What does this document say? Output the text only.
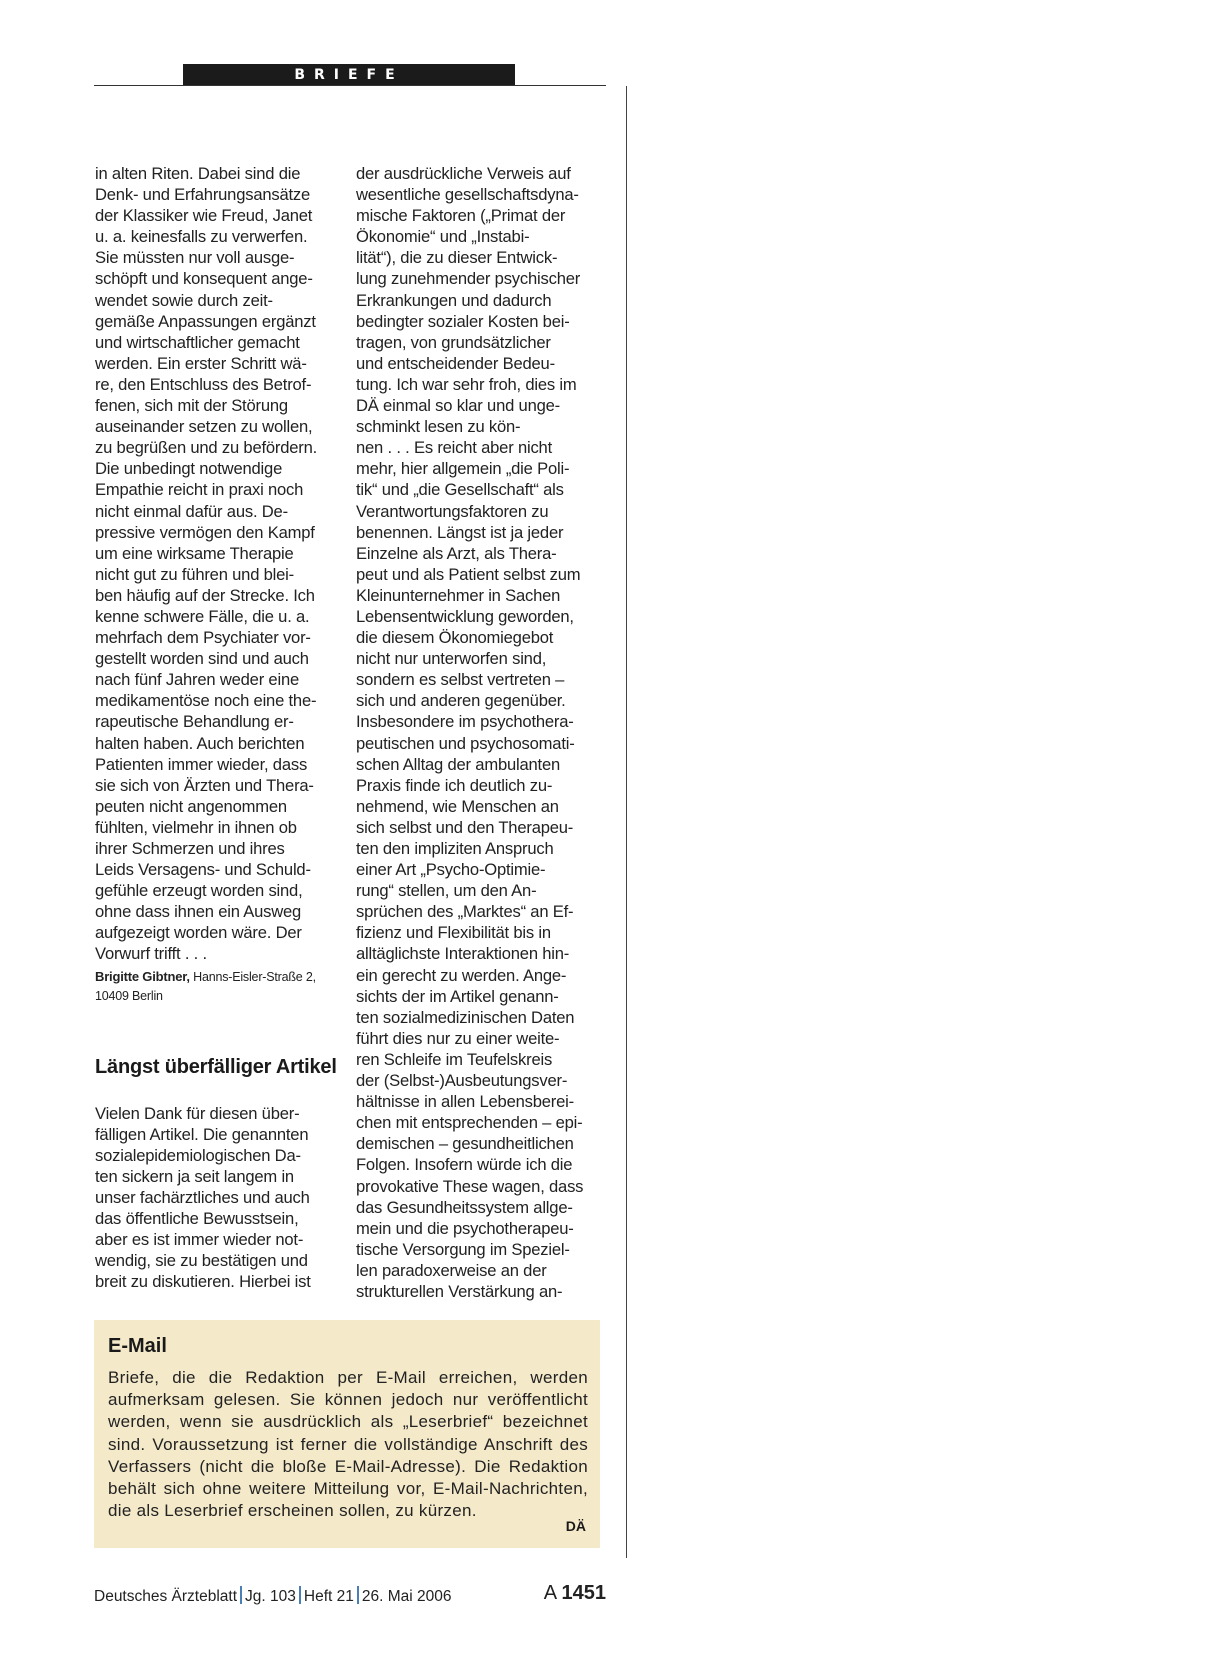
BRIEFE

in alten Riten. Dabei sind die

Denk- und Erfahrungsansätze

der Klassiker wie Freud, Janet

u. a. keinesfalls zu verwerfen.

Sie müssten nur voll ausge-

schöpft und konsequent ange-

wendet sowie durch zeit-

gemäße Anpassungen ergänzt

und wirtschaftlicher gemacht

werden. Ein erster Schritt wä-

re, den Entschluss des Betrof-

fenen, sich mit der Störung

auseinander setzen zu wollen,

zu begrüßen und zu befördern.

Die unbedingt notwendige

Empathie reicht in praxi noch

nicht einmal dafür aus. De-

pressive vermögen den Kampf

um eine wirksame Therapie

nicht gut zu führen und blei-

ben häufig auf der Strecke. Ich

kenne schwere Fälle, die u. a.

mehrfach dem Psychiater vor-

gestellt worden sind und auch

nach fünf Jahren weder eine

medikamentöse noch eine the-

rapeutische Behandlung er-

halten haben. Auch berichten

Patienten immer wieder, dass

sie sich von Ärzten und Thera-

peuten nicht angenommen

fühlten, vielmehr in ihnen ob

ihrer Schmerzen und ihres

Leids Versagens- und Schuld-

gefühle erzeugt worden sind,

ohne dass ihnen ein Ausweg

aufgezeigt worden wäre. Der

Vorwurf trifft . . .

Brigitte Gibtner, Hanns-Eisler-Straße 2, 10409 Berlin
Längst überfälliger Artikel

Vielen Dank für diesen über-

fälligen Artikel. Die genannten

sozialepidemiologischen Da-

ten sickern ja seit langem in

unser fachärztliches und auch

das öffentliche Bewusstsein,

aber es ist immer wieder not-

wendig, sie zu bestätigen und

breit zu diskutieren. Hierbei ist

der ausdrückliche Verweis auf

wesentliche gesellschaftsdyna-

mische Faktoren („Primat der

Ökonomie“ und „Instabi-

lität“), die zu dieser Entwick-

lung zunehmender psychischer

Erkrankungen und dadurch

bedingter sozialer Kosten bei-

tragen, von grundsätzlicher

und entscheidender Bedeu-

tung. Ich war sehr froh, dies im

DÄ einmal so klar und unge-

schminkt lesen zu kön-

nen . . . Es reicht aber nicht

mehr, hier allgemein „die Poli-

tik“ und „die Gesellschaft“ als

Verantwortungsfaktoren zu

benennen. Längst ist ja jeder

Einzelne als Arzt, als Thera-

peut und als Patient selbst zum

Kleinunternehmer in Sachen

Lebensentwicklung geworden,

die diesem Ökonomiegebot

nicht nur unterworfen sind,

sondern es selbst vertreten –

sich und anderen gegenüber.

Insbesondere im psychothera-

peutischen und psychosomati-

schen Alltag der ambulanten

Praxis finde ich deutlich zu-

nehmend, wie Menschen an

sich selbst und den Therapeu-

ten den impliziten Anspruch

einer Art „Psycho-Optimie-

rung“ stellen, um den An-

sprüchen des „Marktes“ an Ef-

fizienz und Flexibilität bis in

alltäglichste Interaktionen hin-

ein gerecht zu werden. Ange-

sichts der im Artikel genann-

ten sozialmedizinischen Daten

führt dies nur zu einer weite-

ren Schleife im Teufelskreis

der (Selbst-)Ausbeutungsver-

hältnisse in allen Lebensberei-

chen mit entsprechenden – epi-

demischen – gesundheitlichen

Folgen. Insofern würde ich die

provokative These wagen, dass

das Gesundheitssystem allge-

mein und die psychotherapeu-

tische Versorgung im Speziel-

len paradoxerweise an der

strukturellen Verstärkung an-

E-Mail
Briefe, die die Redaktion per E-Mail erreichen, werden aufmerksam gelesen. Sie können jedoch nur veröffentlicht werden, wenn sie ausdrücklich als „Leserbrief“ bezeichnet sind. Voraussetzung ist ferner die vollständige Anschrift des Verfassers (nicht die bloße E-Mail-Adresse). Die Redaktion behält sich ohne weitere Mitteilung vor, E-Mail-Nachrichten, die als Leserbrief erscheinen sollen, zu kürzen.
DÄ
Deutsches Ärzteblatt Jg. 103 Heft 21 26. Mai 2006	A 1451
